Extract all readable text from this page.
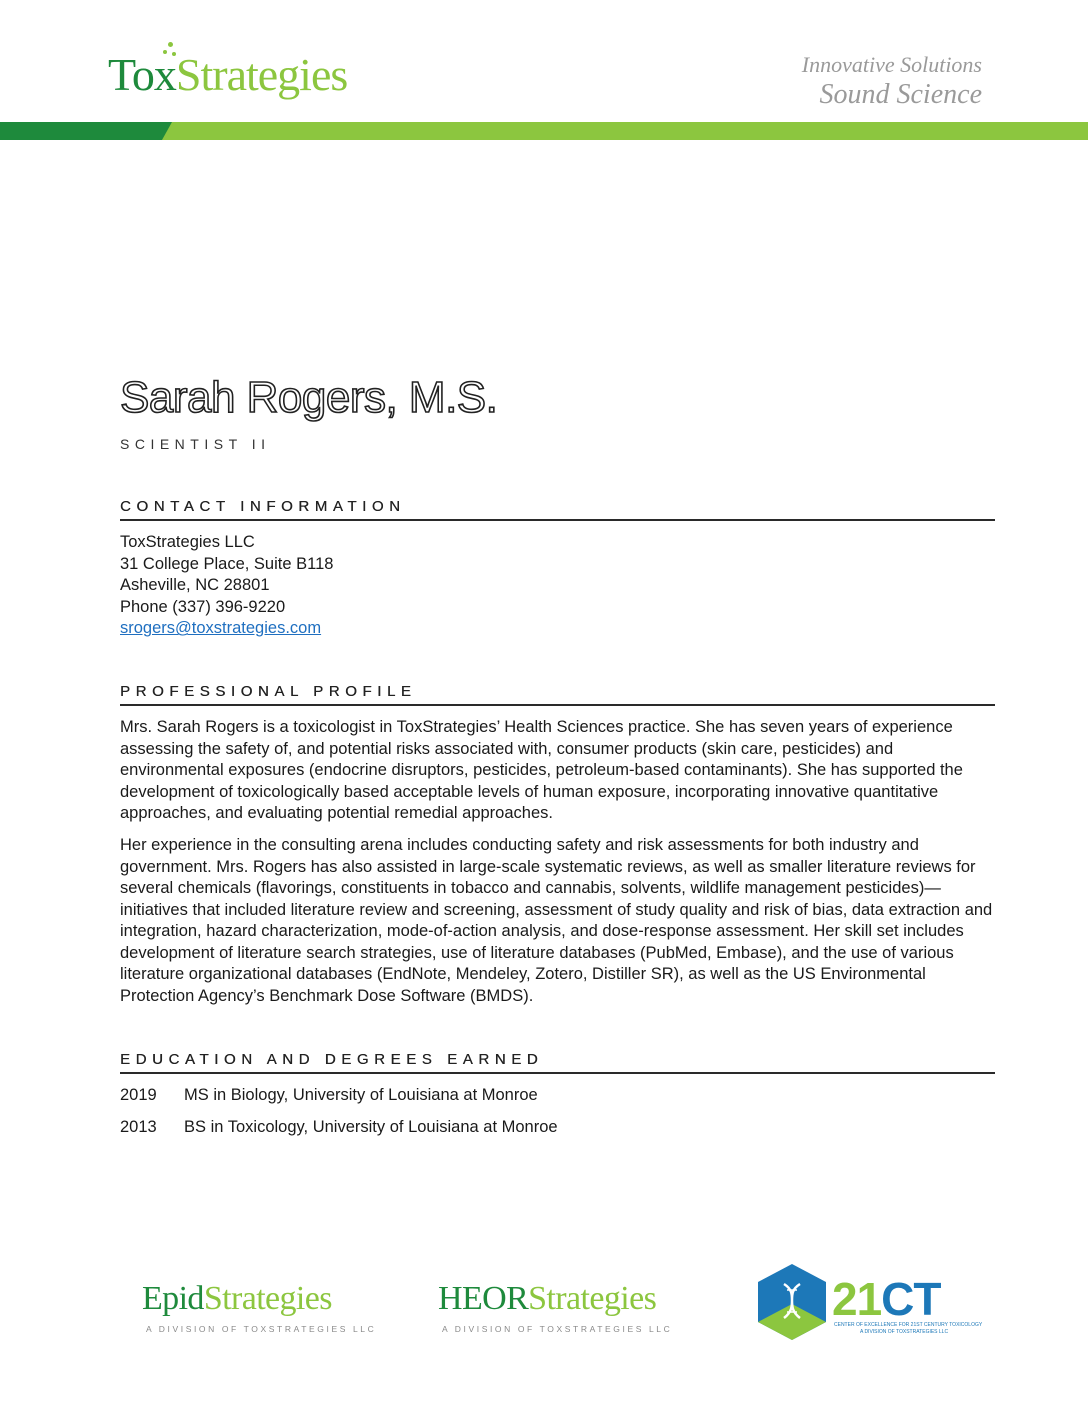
ToxStrategies	Innovative Solutions
Sound Science
Sarah Rogers, M.S.
SCIENTIST II
CONTACT INFORMATION
ToxStrategies LLC
31 College Place, Suite B118
Asheville, NC 28801
Phone (337) 396-9220
srogers@toxstrategies.com
PROFESSIONAL PROFILE
Mrs. Sarah Rogers is a toxicologist in ToxStrategies’ Health Sciences practice. She has seven years of experience assessing the safety of, and potential risks associated with, consumer products (skin care, pesticides) and environmental exposures (endocrine disruptors, pesticides, petroleum-based contaminants). She has supported the development of toxicologically based acceptable levels of human exposure, incorporating innovative quantitative approaches, and evaluating potential remedial approaches.
Her experience in the consulting arena includes conducting safety and risk assessments for both industry and government. Mrs. Rogers has also assisted in large-scale systematic reviews, as well as smaller literature reviews for several chemicals (flavorings, constituents in tobacco and cannabis, solvents, wildlife management pesticides)—initiatives that included literature review and screening, assessment of study quality and risk of bias, data extraction and integration, hazard characterization, mode-of-action analysis, and dose-response assessment. Her skill set includes development of literature search strategies, use of literature databases (PubMed, Embase), and the use of various literature organizational databases (EndNote, Mendeley, Zotero, Distiller SR), as well as the US Environmental Protection Agency’s Benchmark Dose Software (BMDS).
EDUCATION AND DEGREES EARNED
2019 MS in Biology, University of Louisiana at Monroe
2013 BS in Toxicology, University of Louisiana at Monroe
EpidStrategies
A DIVISION OF TOXSTRATEGIES LLC
HEORStrategies
A DIVISION OF TOXSTRATEGIES LLC
21CT
CENTER OF EXCELLENCE FOR 21ST CENTURY TOXICOLOGY
A DIVISION OF TOXSTRATEGIES LLC
